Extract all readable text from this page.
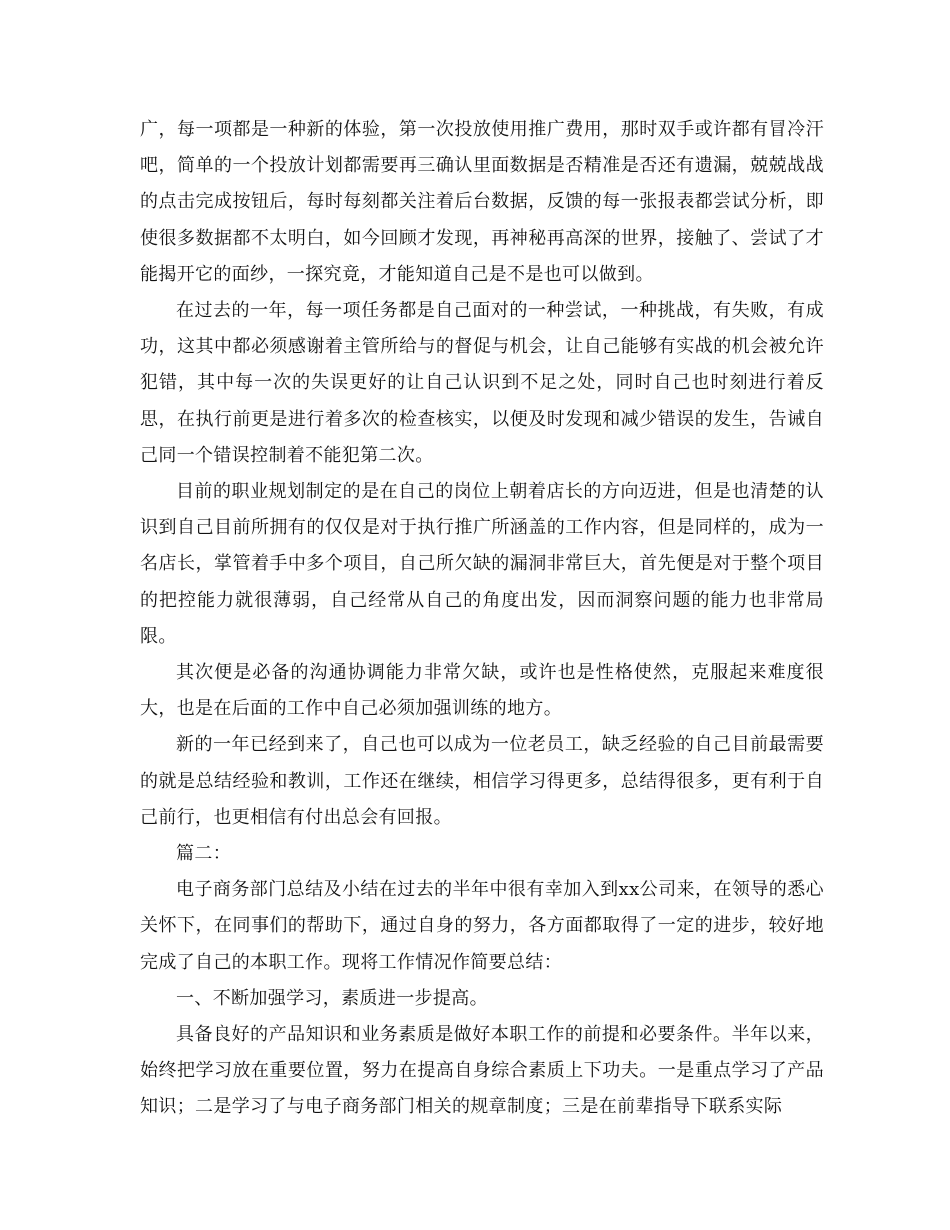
广，每一项都是一种新的体验，第一次投放使用推广费用，那时双手或许都有冒冷汗吧，简单的一个投放计划都需要再三确认里面数据是否精准是否还有遗漏，兢兢战战的点击完成按钮后，每时每刻都关注着后台数据，反馈的每一张报表都尝试分析，即使很多数据都不太明白，如今回顾才发现，再神秘再高深的世界，接触了、尝试了才能揭开它的面纱，一探究竟，才能知道自己是不是也可以做到。

在过去的一年，每一项任务都是自己面对的一种尝试，一种挑战，有失败，有成功，这其中都必须感谢着主管所给与的督促与机会，让自己能够有实战的机会被允许犯错，其中每一次的失误更好的让自己认识到不足之处，同时自己也时刻进行着反思，在执行前更是进行着多次的检查核实，以便及时发现和减少错误的发生，告诫自己同一个错误控制着不能犯第二次。

目前的职业规划制定的是在自己的岗位上朝着店长的方向迈进，但是也清楚的认识到自己目前所拥有的仅仅是对于执行推广所涵盖的工作内容，但是同样的，成为一名店长，掌管着手中多个项目，自己所欠缺的漏洞非常巨大，首先便是对于整个项目的把控能力就很薄弱，自己经常从自己的角度出发，因而洞察问题的能力也非常局限。

其次便是必备的沟通协调能力非常欠缺，或许也是性格使然，克服起来难度很大，也是在后面的工作中自己必须加强训练的地方。

新的一年已经到来了，自己也可以成为一位老员工，缺乏经验的自己目前最需要的就是总结经验和教训，工作还在继续，相信学习得更多，总结得很多，更有利于自己前行，也更相信有付出总会有回报。

篇二：

电子商务部门总结及小结在过去的半年中很有幸加入到xx公司来，在领导的悉心关怀下，在同事们的帮助下，通过自身的努力，各方面都取得了一定的进步，较好地完成了自己的本职工作。现将工作情况作简要总结：

一、不断加强学习，素质进一步提高。

具备良好的产品知识和业务素质是做好本职工作的前提和必要条件。半年以来，始终把学习放在重要位置，努力在提高自身综合素质上下功夫。一是重点学习了产品知识；二是学习了与电子商务部门相关的规章制度；三是在前辈指导下联系实际
